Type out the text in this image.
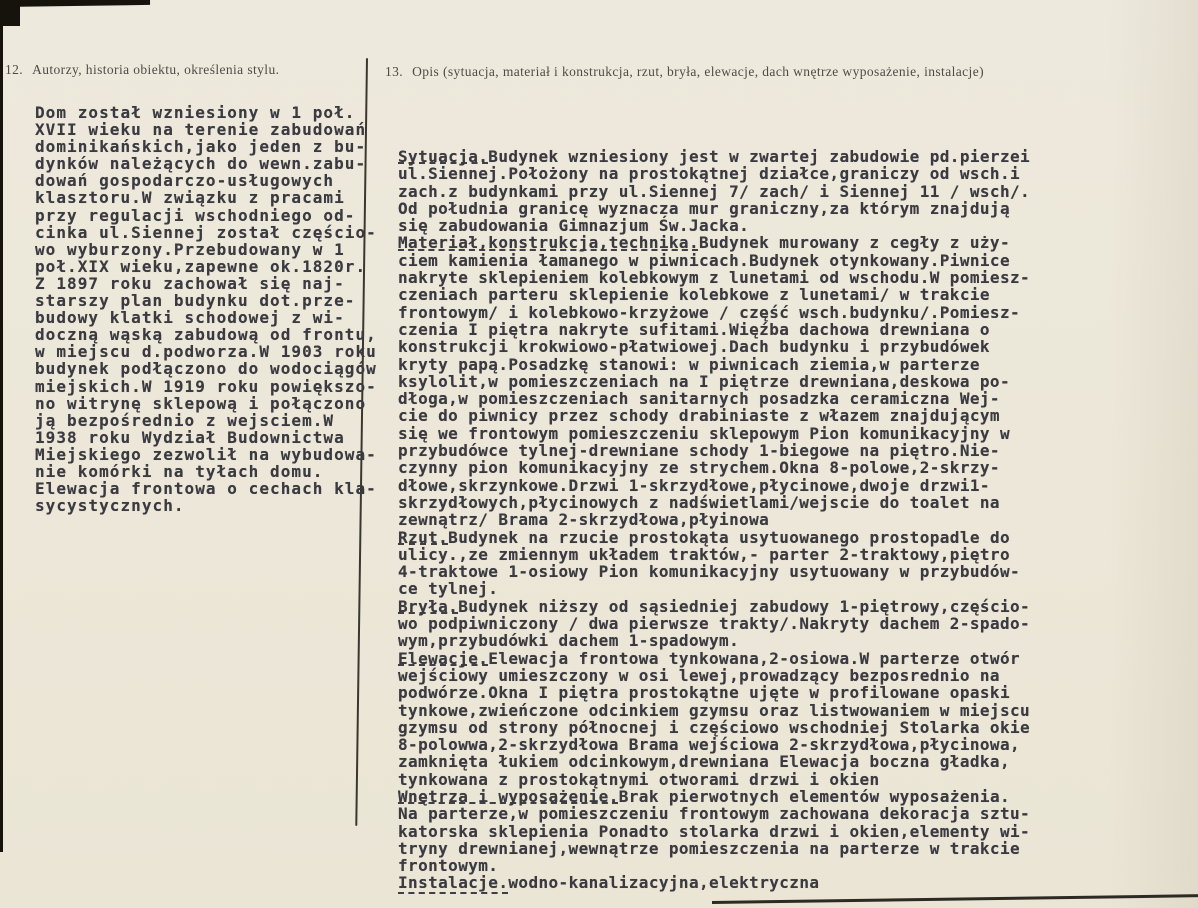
12. Autorzy, historia obiektu, określenia stylu.	13. Opis (sytuacja, materiał i konstrukcja, rzut, bryła, elewacje, dach wnętrze wyposażenie, instalacje)
Dom został wzniesiony w 1 poł.
XVII wieku na terenie zabudowań
dominikańskich,jako jeden z bu-
dynków należących do wewn.zabu-
dowań gospodarczo-usługowych
klasztoru.W związku z pracami
przy regulacji wschodniego od-
cinka ul.Siennej został częścio-
wo wyburzony.Przebudowany w 1
poł.XIX wieku,zapewne ok.1820r.
Z 1897 roku zachował się naj-
starszy plan budynku dot.prze-
budowy klatki schodowej z wi-
doczną wąską zabudową od frontu,
w miejscu d.podworza.W 1903 roku
budynek podłączono do wodociągów
miejskich.W 1919 roku powiększo-
no witrynę sklepową i połączono
ją bezpośrednio z wejsciem.W
1938 roku Wydział Budownictwa
Miejskiego zezwolił na wybudowa-
nie komórki na tyłach domu.
Elewacja frontowa o cechach kla-
sycystycznych.
Sytuacja.Budynek wzniesiony jest w zwartej zabudowie pd.pierzei
ul.Siennej.Położony na prostokątnej działce,graniczy od wsch.i
zach.z budynkami przy ul.Siennej 7/ zach/ i Siennej 11 / wsch/.
Od południa granicę wyznacza mur graniczny,za którym znajdują
się zabudowania Gimnazjum Św.Jacka.
Materiał,konstrukcja,technika.Budynek murowany z cegły z uży-
ciem kamienia łamanego w piwnicach.Budynek otynkowany.Piwnice
nakryte sklepieniem kolebkowym z lunetami od wschodu.W pomiesz-
czeniach parteru sklepienie kolebkowe z lunetami/ w trakcie
frontowym/ i kolebkowo-krzyżowe / część wsch.budynku/.Pomiesz-
czenia I piętra nakryte sufitami.Więźba dachowa drewniana o
konstrukcji krokwiowo-płatwiowej.Dach budynku i przybudówek
kryty papą.Posadzkę stanowi: w piwnicach ziemia,w parterze
ksylolit,w pomieszczeniach na I piętrze drewniana,deskowa po-
dłoga,w pomieszczeniach sanitarnych posadzka ceramiczna Wej-
cie do piwnicy przez schody drabiniaste z włazem znajdującym
się we frontowym pomieszczeniu sklepowym Pion komunikacyjny w
przybudówce tylnej-drewniane schody 1-biegowe na piętro.Nie-
czynny pion komunikacyjny ze strychem.Okna 8-polowe,2-skrzy-
dłowe,skrzynkowe.Drzwi 1-skrzydłowe,płycinowe,dwoje drzwi1-
skrzydłowych,płycinowych z nadświetlami/wejscie do toalet na
zewnątrz/ Brama 2-skrzydłowa,płyinowa
Rzut.Budynek na rzucie prostokąta usytuowanego prostopadle do
ulicy.,ze zmiennym układem traktów,- parter 2-traktowy,piętro
4-traktowe 1-osiowy Pion komunikacyjny usytuowany w przybudów-
ce tylnej.
Bryła.Budynek niższy od sąsiedniej zabudowy 1-piętrowy,częścio-
wo podpiwniczony / dwa pierwsze trakty/.Nakryty dachem 2-spado-
wym,przybudówki dachem 1-spadowym.
Elewacje.Elewacja frontowa tynkowana,2-osiowa.W parterze otwór
wejściowy umieszczony w osi lewej,prowadzący bezposrednio na
podwórze.Okna I piętra prostokątne ujęte w profilowane opaski
tynkowe,zwieńczone odcinkiem gzymsu oraz listwowaniem w miejscu
gzymsu od strony północnej i częściowo wschodniej Stolarka okie
8-polowwa,2-skrzydłowa Brama wejściowa 2-skrzydłowa,płycinowa,
zamknięta łukiem odcinkowym,drewniana Elewacja boczna gładka,
tynkowana z prostokątnymi otworami drzwi i okien
Wnętrza i wyposażenie.Brak pierwotnych elementów wyposażenia.
Na parterze,w pomieszczeniu frontowym zachowana dekoracja sztu-
katorska sklepienia Ponadto stolarka drzwi i okien,elementy wi-
tryny drewnianej,wewnątrze pomieszczenia na parterze w trakcie
frontowym.
Instalacje.wodno-kanalizacyjna,elektryczna
